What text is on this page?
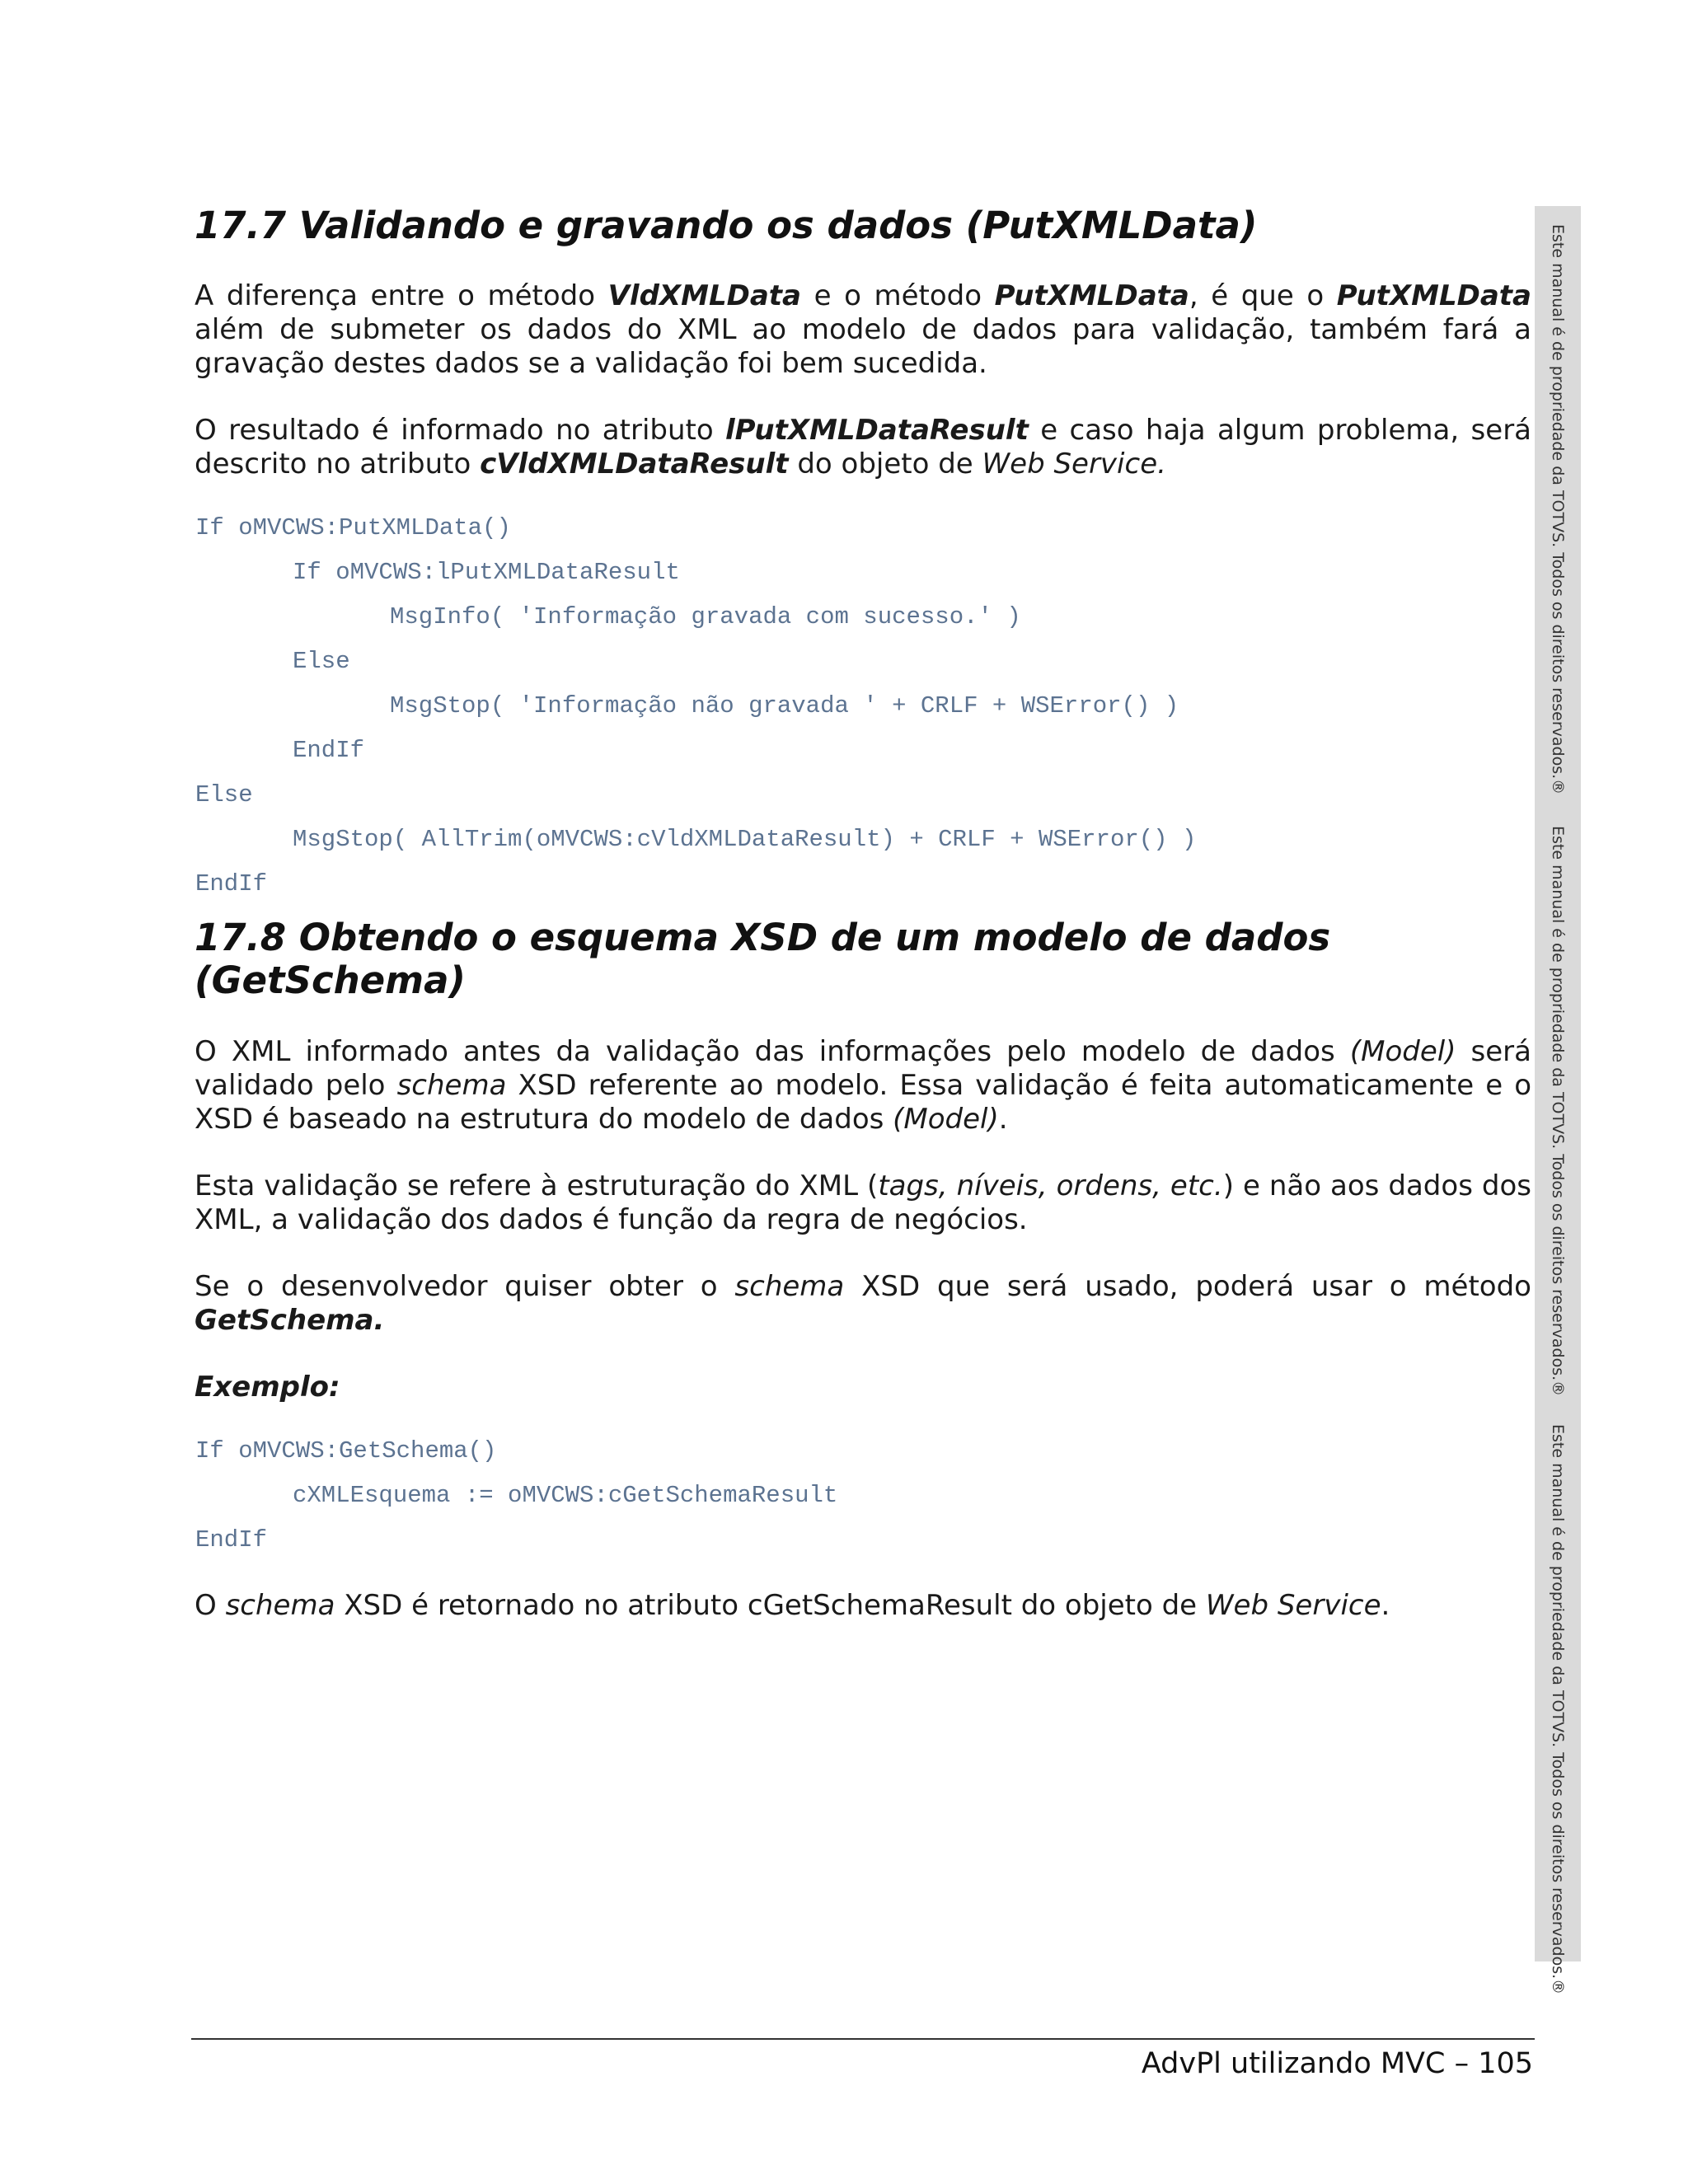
17.7 Validando e gravando os dados (PutXMLData)

A diferença entre o método VldXMLData e o método PutXMLData, é que o PutXMLData além de submeter os dados do XML ao modelo de dados para validação, também fará a gravação destes dados se a validação foi bem sucedida.

O resultado é informado no atributo lPutXMLDataResult e caso haja algum problema, será descrito no atributo cVldXMLDataResult do objeto de Web Service.

If oMVCWS:PutXMLData()
If oMVCWS:lPutXMLDataResult
MsgInfo( 'Informação gravada com sucesso.' )
Else
MsgStop( 'Informação não gravada ' + CRLF + WSError() )
EndIf
Else
MsgStop( AllTrim(oMVCWS:cVldXMLDataResult) + CRLF + WSError() )
EndIf
17.8 Obtendo o esquema XSD de um modelo de dados (GetSchema)

O XML informado antes da validação das informações pelo modelo de dados (Model) será validado pelo schema XSD referente ao modelo. Essa validação é feita automaticamente e o XSD é baseado na estrutura do modelo de dados (Model).

Esta validação se refere à estruturação do XML (tags, níveis, ordens, etc.) e não aos dados dos XML, a validação dos dados é função da regra de negócios.

Se o desenvolvedor quiser obter o schema XSD que será usado, poderá usar o método GetSchema.

Exemplo:

If oMVCWS:GetSchema()
cXMLEsquema := oMVCWS:cGetSchemaResult
EndIf

O schema XSD é retornado no atributo cGetSchemaResult do objeto de Web Service.

Este manual é de propriedade da TOTVS. Todos os direitos reservados.®
Este manual é de propriedade da TOTVS. Todos os direitos reservados.®
Este manual é de propriedade da TOTVS. Todos os direitos reservados.®
AdvPl utilizando MVC – 105
